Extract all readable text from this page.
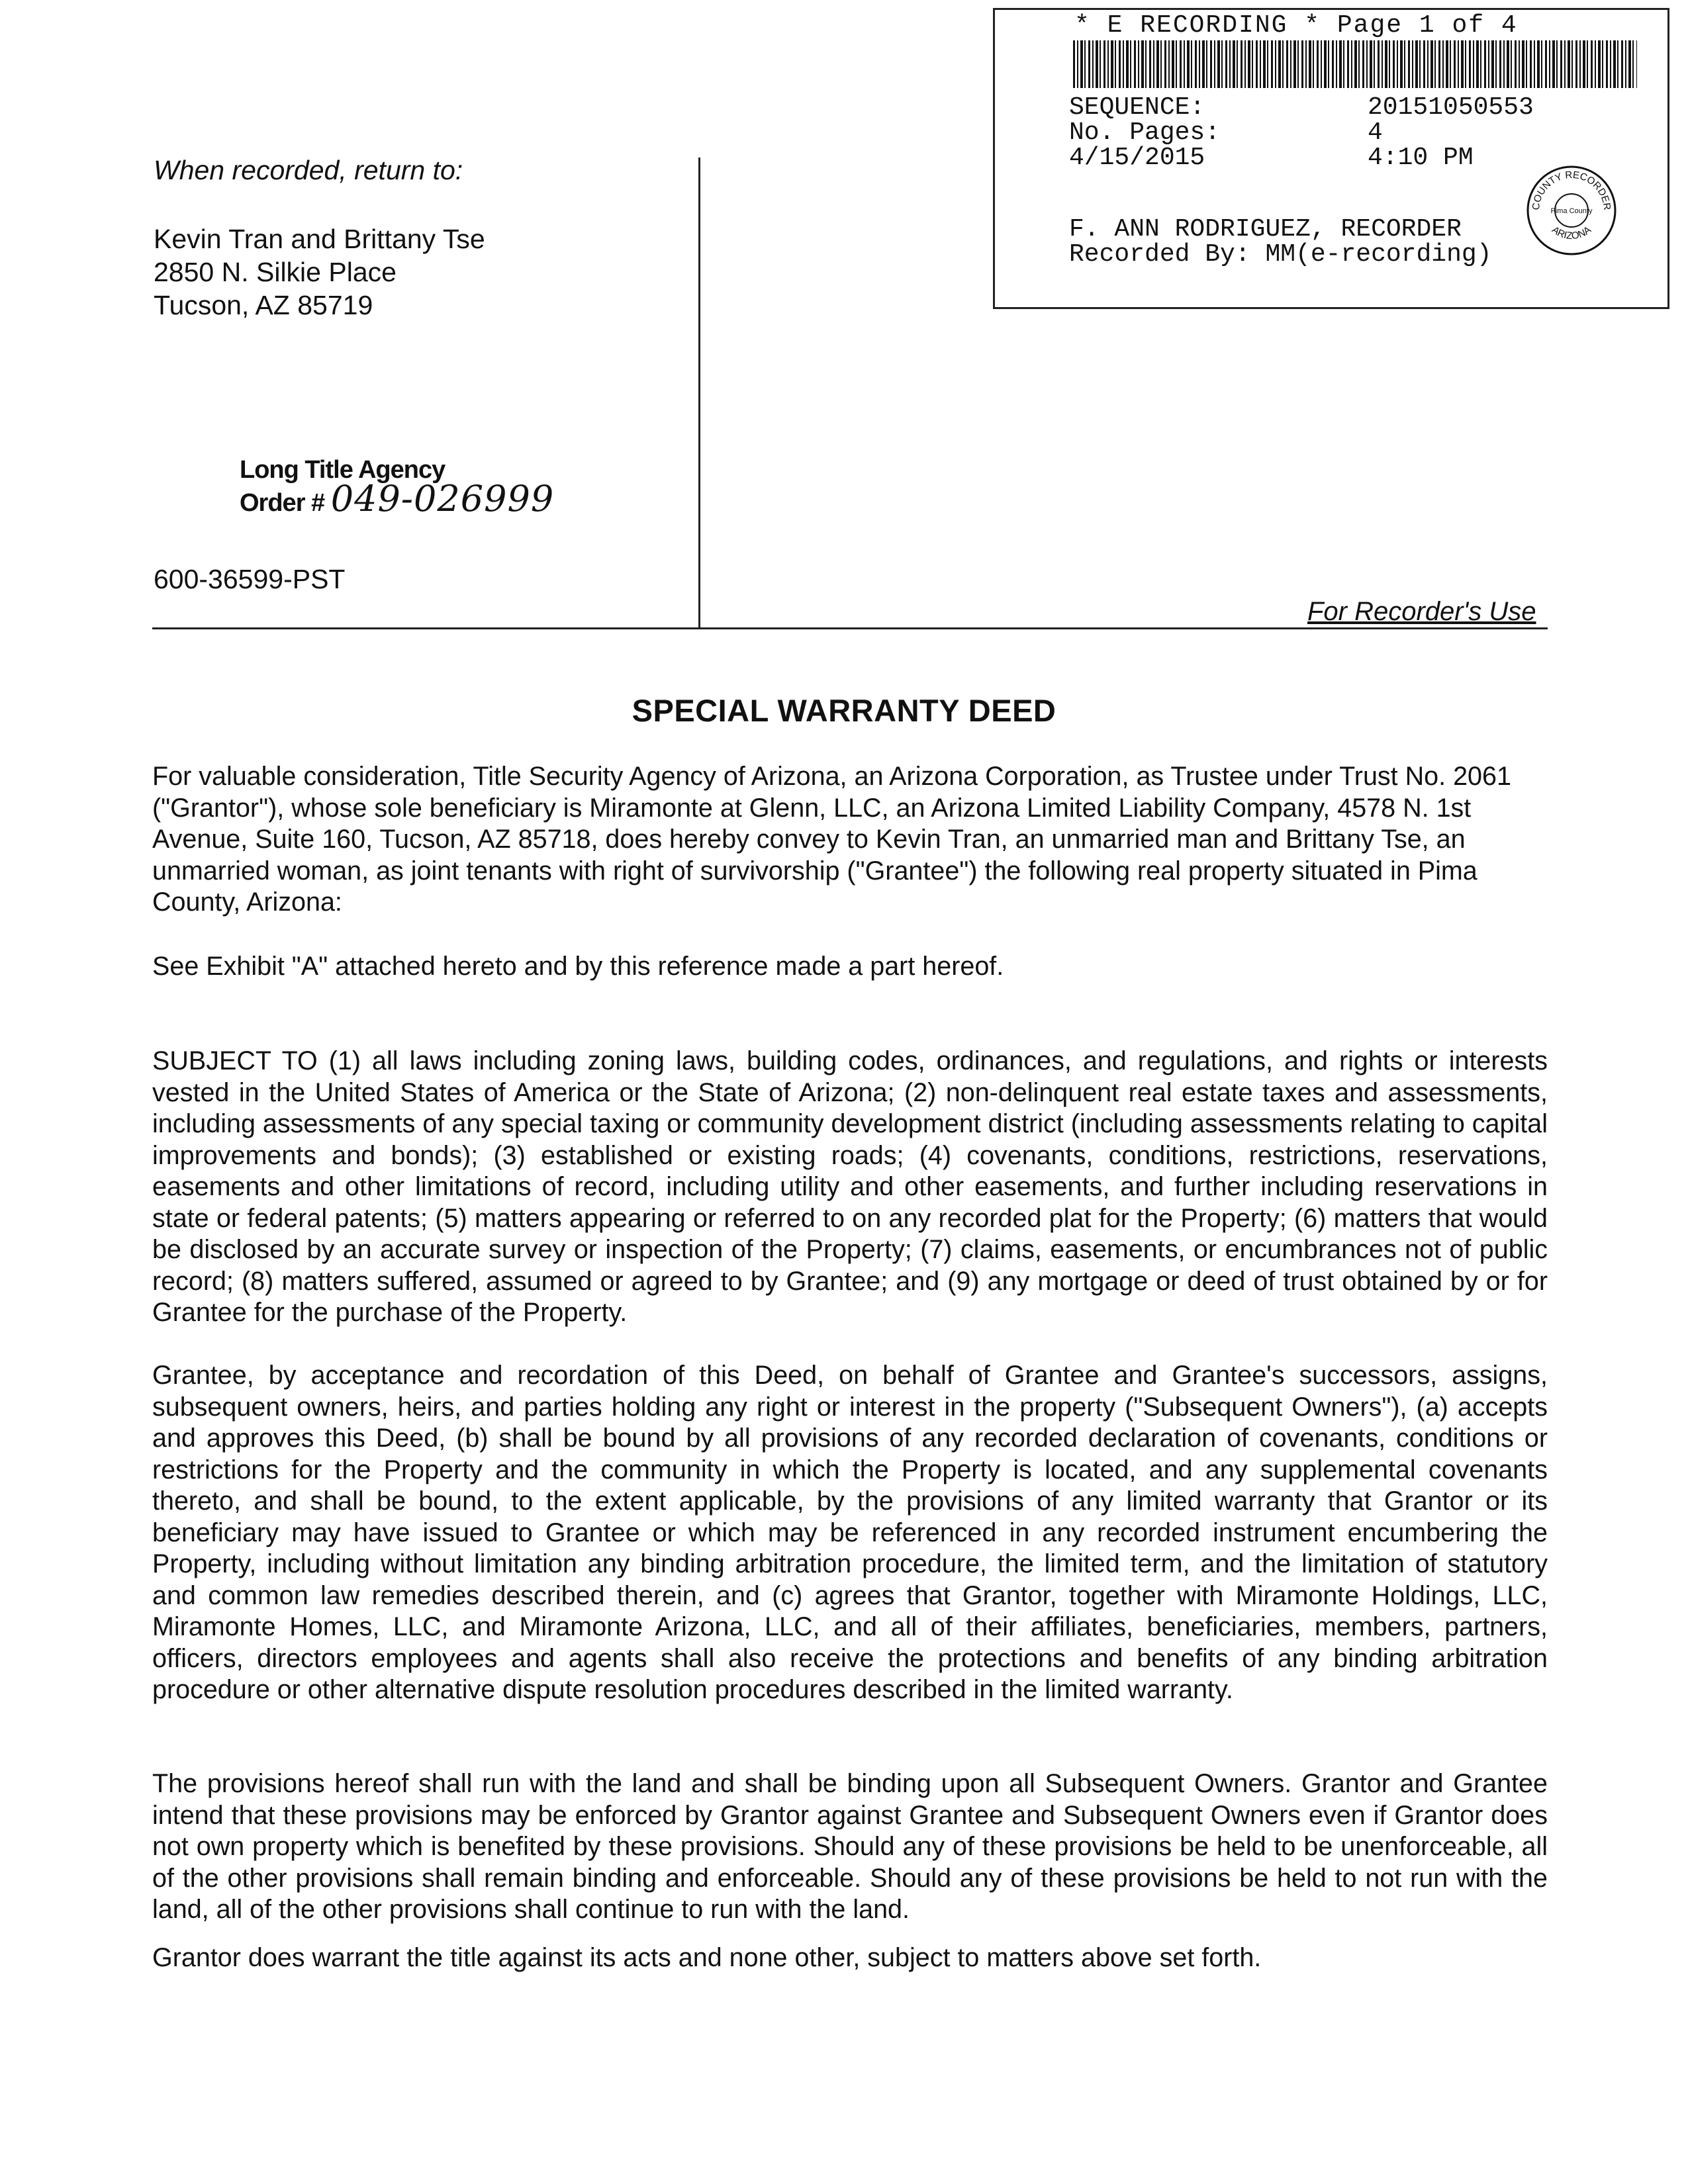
When recorded, return to:
Kevin Tran and Brittany Tse
2850 N. Silkie Place
Tucson, AZ 85719
Long Title Agency
Order # 049-026999
600-36599-PST
For Recorder's Use
* E RECORDING * Page 1 of 4
SEQUENCE:	20151050553
No. Pages:	4
4/15/2015	4:10 PM
F. ANN RODRIGUEZ, RECORDER
Recorded By: MM(e-recording)
COUNTY RECORDER
Pima County
ARIZONA
SPECIAL WARRANTY DEED
For valuable consideration, Title Security Agency of Arizona, an Arizona Corporation, as Trustee under Trust No. 2061 ("Grantor"), whose sole beneficiary is Miramonte at Glenn, LLC, an Arizona Limited Liability Company, 4578 N. 1st Avenue, Suite 160, Tucson, AZ 85718, does hereby convey to Kevin Tran, an unmarried man and Brittany Tse, an unmarried woman, as joint tenants with right of survivorship ("Grantee") the following real property situated in Pima County, Arizona:
See Exhibit "A" attached hereto and by this reference made a part hereof.
SUBJECT TO (1) all laws including zoning laws, building codes, ordinances, and regulations, and rights or interests vested in the United States of America or the State of Arizona; (2) non-delinquent real estate taxes and assessments, including assessments of any special taxing or community development district (including assessments relating to capital improvements and bonds); (3) established or existing roads; (4) covenants, conditions, restrictions, reservations, easements and other limitations of record, including utility and other easements, and further including reservations in state or federal patents; (5) matters appearing or referred to on any recorded plat for the Property; (6) matters that would be disclosed by an accurate survey or inspection of the Property; (7) claims, easements, or encumbrances not of public record; (8) matters suffered, assumed or agreed to by Grantee; and (9) any mortgage or deed of trust obtained by or for Grantee for the purchase of the Property.
Grantee, by acceptance and recordation of this Deed, on behalf of Grantee and Grantee's successors, assigns, subsequent owners, heirs, and parties holding any right or interest in the property ("Subsequent Owners"), (a) accepts and approves this Deed, (b) shall be bound by all provisions of any recorded declaration of covenants, conditions or restrictions for the Property and the community in which the Property is located, and any supplemental covenants thereto, and shall be bound, to the extent applicable, by the provisions of any limited warranty that Grantor or its beneficiary may have issued to Grantee or which may be referenced in any recorded instrument encumbering the Property, including without limitation any binding arbitration procedure, the limited term, and the limitation of statutory and common law remedies described therein, and (c) agrees that Grantor, together with Miramonte Holdings, LLC, Miramonte Homes, LLC, and Miramonte Arizona, LLC, and all of their affiliates, beneficiaries, members, partners, officers, directors employees and agents shall also receive the protections and benefits of any binding arbitration procedure or other alternative dispute resolution procedures described in the limited warranty.
The provisions hereof shall run with the land and shall be binding upon all Subsequent Owners. Grantor and Grantee intend that these provisions may be enforced by Grantor against Grantee and Subsequent Owners even if Grantor does not own property which is benefited by these provisions. Should any of these provisions be held to be unenforceable, all of the other provisions shall remain binding and enforceable. Should any of these provisions be held to not run with the land, all of the other provisions shall continue to run with the land.
Grantor does warrant the title against its acts and none other, subject to matters above set forth.
